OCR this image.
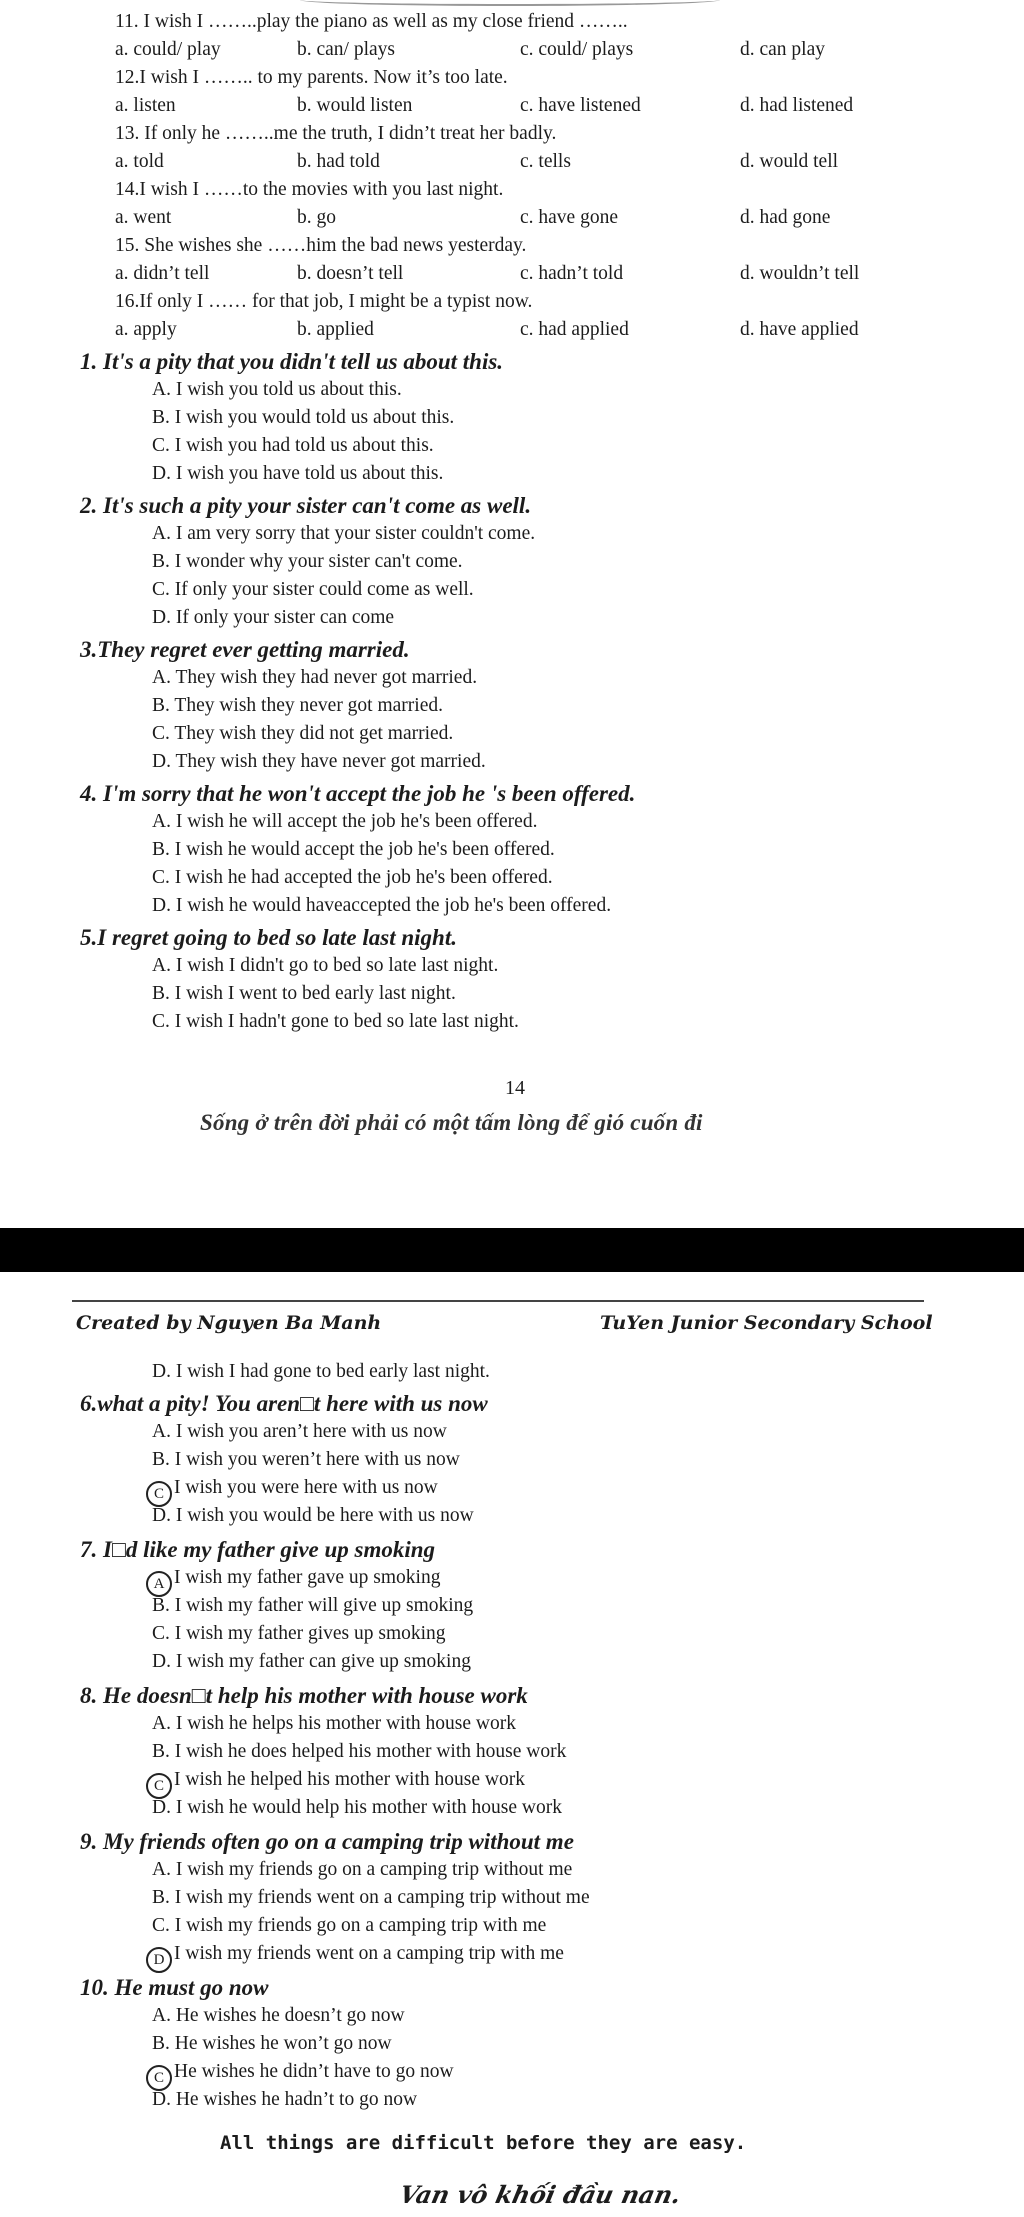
11. I wish I ……..play the piano as well as my close friend ……..
a. could/ play	b. can/ plays	c. could/ plays	d. can play
12.I wish I …….. to my parents. Now it’s too late.
a. listen	b. would listen	c. have listened	d. had listened
13. If only he ……..me the truth, I didn’t treat her badly.
a. told	b. had told	c. tells	d. would tell
14.I wish I ……to the movies with you last night.
a. went	b. go	c. have gone	d. had gone
15. She wishes she ……him the bad news yesterday.
a. didn’t tell	b. doesn’t tell	c. hadn’t told	d. wouldn’t tell
16.If only I …… for that job, I might be a typist now.
a. apply	b. applied	c. had applied	d. have applied
1. It's a pity that you didn't tell us about this.
A. I wish you told us about this.
B. I wish you would told us about this.
C. I wish you had told us about this.
D. I wish you have told us about this.
2. It's such a pity your sister can't come as well.
A. I am very sorry that your sister couldn't come.
B. I wonder why your sister can't come.
C. If only your sister could come as well.
D. If only your sister can come
3.They regret ever getting married.
A. They wish they had never got married.
B. They wish they never got married.
C. They wish they did not get married.
D. They wish they have never got married.
4. I'm sorry that he won't accept the job he 's been offered.
A. I wish he will accept the job he's been offered.
B. I wish he would accept the job he's been offered.
C. I wish he had accepted the job he's been offered.
D. I wish he would haveaccepted the job he's been offered.
5.I regret going to bed so late last night.
A. I wish I didn't go to bed so late last night.
B. I wish I went to bed early last night.
C. I wish I hadn't gone to bed so late last night.
14
Sống ở trên đời phải có một tấm lòng để gió cuốn đi
Created by Nguyen Ba Manh	TuYen Junior Secondary School
D. I wish I had gone to bed early last night.
6.what a pity! You aren□t here with us now
A. I wish you aren’t here with us now
B. I wish you weren’t here with us now
C I wish you were here with us now
D. I wish you would be here with us now
7. I□d like my father give up smoking
A I wish my father gave up smoking
B. I wish my father will give up smoking
C. I wish my father gives up smoking
D. I wish my father can give up smoking
8. He doesn□t help his mother with house work
A. I wish he helps his mother with house work
B. I wish he does helped his mother with house work
C I wish he helped his mother with house work
D. I wish he would help his mother with house work
9. My friends often go on a camping trip without me
A. I wish my friends go on a camping trip without me
B. I wish my friends went on a camping trip without me
C. I wish my friends go on a camping trip with me
D I wish my friends went on a camping trip with me
10. He must go now
A. He wishes he doesn’t go now
B. He wishes he won’t go now
C He wishes he didn’t have to go now
D. He wishes he hadn’t to go now
All things are difficult before they are easy.
Van vô khối đầu nan.
